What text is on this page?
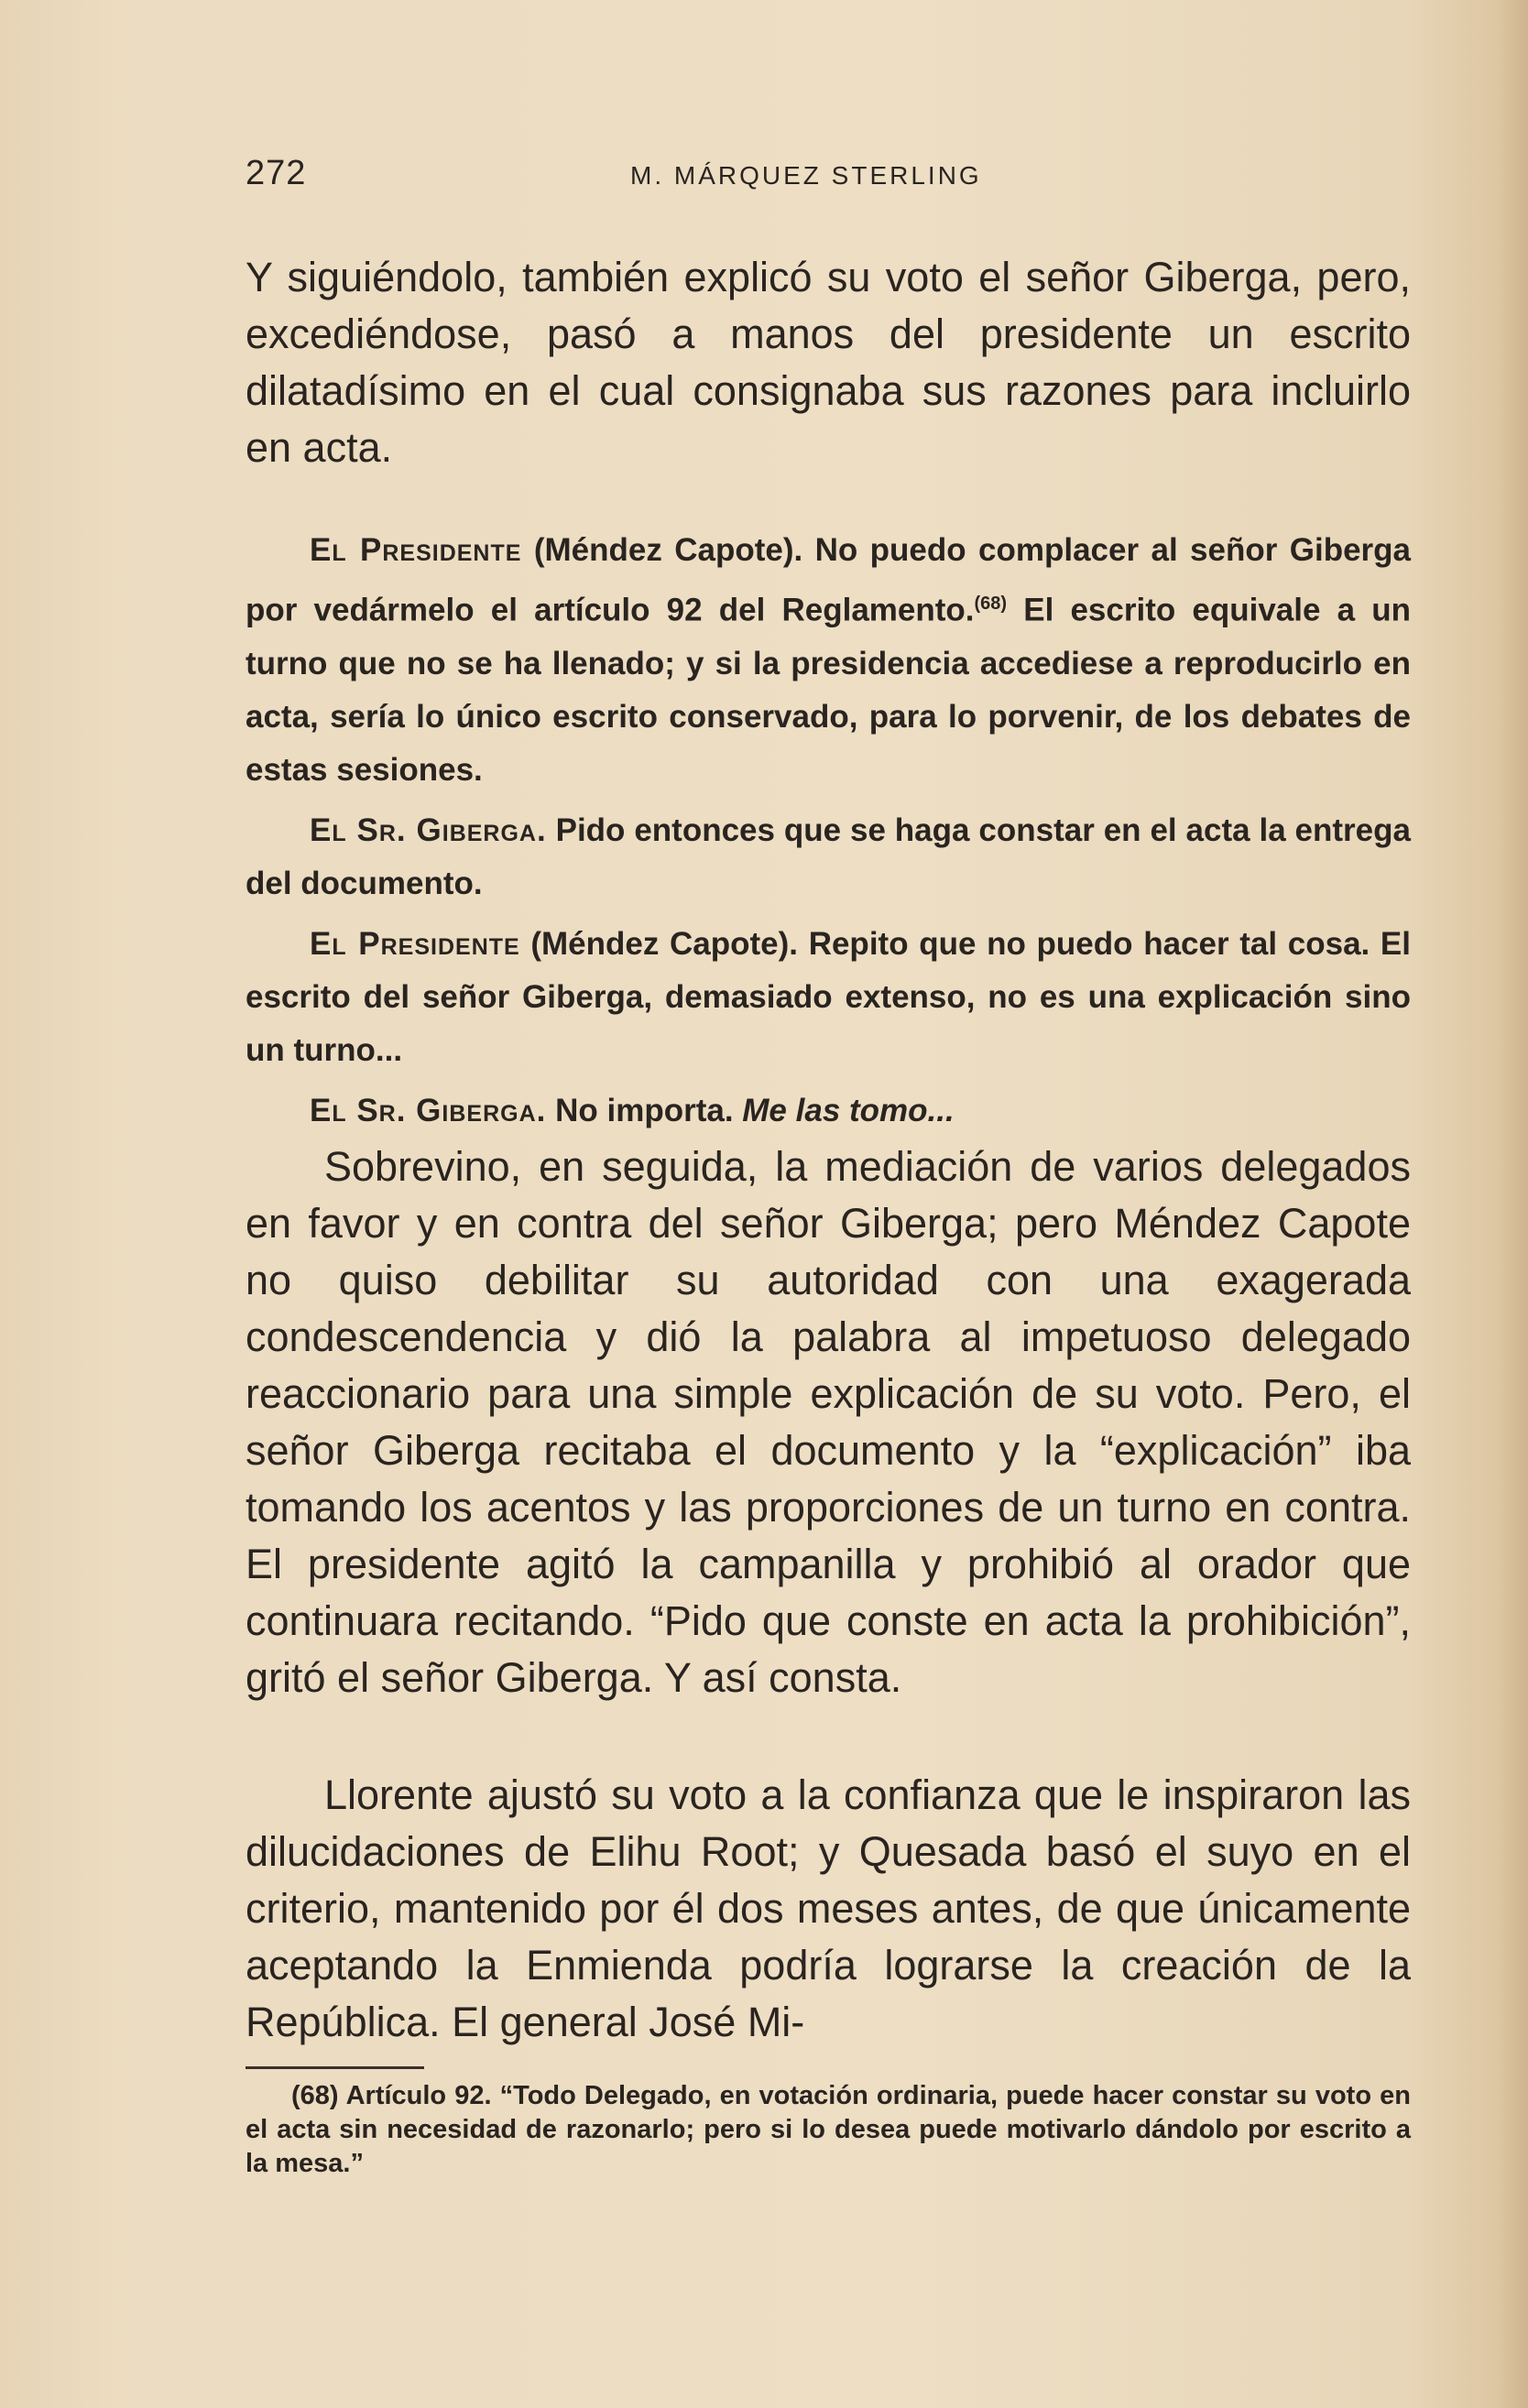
272	M. MÁRQUEZ STERLING

Y siguiéndolo, también explicó su voto el señor Giberga, pero, excediéndose, pasó a manos del presidente un escrito dilatadísimo en el cual consignaba sus razones para incluirlo en acta.

El Presidente (Méndez Capote). No puedo complacer al señor Giberga por vedármelo el artículo 92 del Reglamento.$^{(68)}$ El escrito equivale a un turno que no se ha llenado; y si la presidencia accediese a reproducirlo en acta, sería lo único escrito conservado, para lo porvenir, de los debates de estas sesiones.

El Sr. Giberga. Pido entonces que se haga constar en el acta la entrega del documento.

El Presidente (Méndez Capote). Repito que no puedo hacer tal cosa. El escrito del señor Giberga, demasiado extenso, no es una explicación sino un turno...

El Sr. Giberga. No importa. Me las tomo...

Sobrevino, en seguida, la mediación de varios delegados en favor y en contra del señor Giberga; pero Méndez Capote no quiso debilitar su autoridad con una exagerada condescendencia y dió la palabra al impetuoso delegado reaccionario para una simple explicación de su voto. Pero, el señor Giberga recitaba el documento y la “explicación” iba tomando los acentos y las proporciones de un turno en contra. El presidente agitó la campanilla y prohibió al orador que continuara recitando. “Pido que conste en acta la prohibición”, gritó el señor Giberga. Y así consta.

Llorente ajustó su voto a la confianza que le inspiraron las dilucidaciones de Elihu Root; y Quesada basó el suyo en el criterio, mantenido por él dos meses antes, de que únicamente aceptando la Enmienda podría lograrse la creación de la República. El general José Mi-

(68) Artículo 92. “Todo Delegado, en votación ordinaria, puede hacer constar su voto en el acta sin necesidad de razonarlo; pero si lo desea puede motivarlo dándolo por escrito a la mesa.”
